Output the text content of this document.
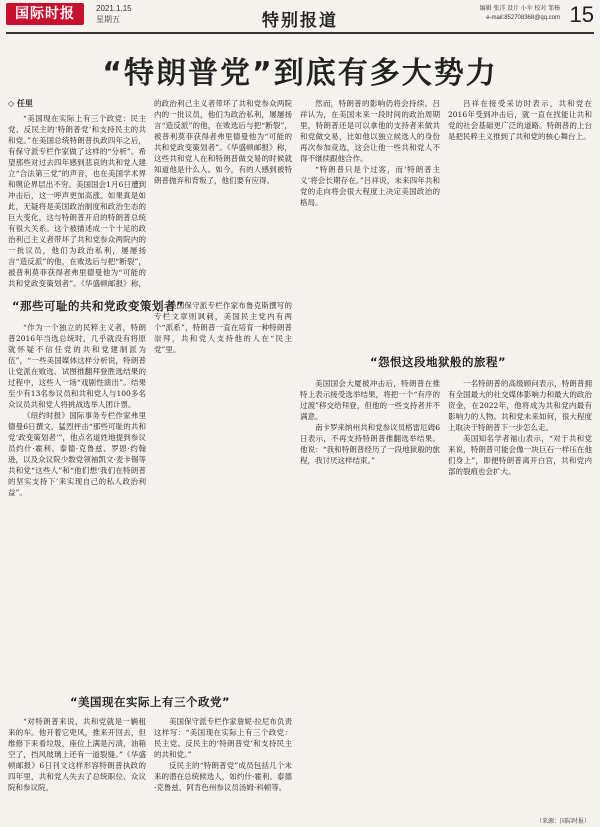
国际时报	2021.1.15
星期五	特别报道
编辑 张洋 设计 小伞 校对 邹杨
e-mail:852708368@qq.com 15
“特朗普党”到底有多大势力
◇ 任里

“美国现在实际上有三个政党：民主党、反民主的‘特朗普党’和支持民主的共和党。”在美国总统特朗普执政四年之后，有保守派专栏作家做了这样的“分析”。希望那些对过去四年感到悲哀的共和党人建立“合法第三党”的声音，也在美国学术界和舆论界层出不穷。美国国会1月6日遭到冲击后，这一呼声更加高涨。如果真是如此，无疑将是美国政治制度和政治生态的巨大变化，这与特朗普开启的特朗普总统有很大关系。这个被描述成一个十足的政治利己主义者带坏了共和党参众两院内的一批议员，他们为政治私利，屡屡扬言“造反派”的他，在败选后与把“断裂”，被普利莫菲获得者弗里德曼他为“可能的共和党政变策划者”。《华盛顿邮报》称，

的政治利己主义者带坏了共和党参众两院内的一批议员，他们为政治私利，屡屡扬言“造反派”的他，在败选后与把“断裂”，被普利莫菲获得者弗里德曼他为“可能的共和党政变策划者”。《华盛顿邮报》称，这些共和党人在和特朗普做交易的时候就知道他是什么人。如今，有的人感到被特朗普抛弃和背叛了，他们要有应得。

“那些可耻的共和党政变策划者”

“作为一个独立的民粹主义者，特朗普2016年当选总统时，几乎就没有将原就怀疑不信任党的共和党建制派为伍”，“一些美国媒体这样分析说，特朗普让党派在败选、试图推翻拜登胜选结果的过程中，这些人一场“戏剧性演出”。结果至少有13名参议员和共和党人与100多名众议员共和党人将挑战选举人团计票。

《纽约时报》国际事务专栏作家弗里德曼6日撰文，猛烈抨击“那些可耻的共和党‘政变策划者’”，他点名道姓地提到参议员约什·霍利、泰德·克鲁兹、罗恩·约翰逊，以及众议院少数党领袖凯文·麦卡锡等共和党“这些人”和“他们想‘我们在特朗普的坚实支持下’来实现自己的私人政治利益”。

美国保守派专栏作家布鲁克斯撰写的专栏文章则讽刺，美国民主党内有两个“派系”，特朗普一直在培育一种特朗普崇拜，共和党人支持他的人在“民主党”里。

“美国现在实际上有三个政党”

“对特朗普来说，共和党就是一辆租来的车。他开着它兜风，推来开回去，但维修下来看垃圾，座位上满是污渍，油箱空了，挡风玻璃上还有一道裂缝。”《华盛顿邮报》6日刊文这样形容特朗普执政的四年里，共和党人失去了总统职位、众议院和参议院。

美国保守派专栏作家詹妮·拉尼布负责这样写：“美国现在实际上有三个政党：民主党、反民主的‘特朗普党’和支持民主的共和党。”

反民主的“特朗普党”成员包括几个未来的潜在总统候选人，如约什·霍利、泰德·克鲁兹、阿肯色州参议员汤姆·科顿等。

然而，特朗普的影响仍将会持续。吕祥认为，在美国未来一段时间的政治周期里，特朗普还是可以拿他的支持者来做共和党做交易，比如他以独立候选人的身份再次参加竞选，这会让他一些共和党人不得不继续跟他合作。

“特朗普只是个过客，而‘特朗普主义’将会长期存在。”吕祥说，未来四年共和党的走向将会很大程度上决定美国政治的格局。

吕祥在接受采访时表示，共和党在2016年受到冲击后，就一直在找能让共和党的社会基础更广泛的道路。特朗普的上台是把民粹主义推到了共和党的核心舞台上。

“怨恨这段地狱般的旅程”

美国国会大厦被冲击后，特朗普在推特上表示接受选举结果，将把一个“有序的过渡”移交给拜登，但他的一些支持者并不满意。

南卡罗来纳州共和党参议员格雷厄姆6日表示，不再支持特朗普推翻选举结果。他说：“我和特朗普经历了一段地狱般的旅程，我讨厌这样结束。”

一名特朗普的高级顾问表示，特朗普拥有全国最大的社交媒体影响力和最大的政治资金，在2022年，他将成为共和党内最有影响力的人物。共和党未来如何，很大程度上取决于特朗普下一步怎么走。

美国知名学者福山表示，“对于共和党来说，特朗普可能会像一块巨石一样压在他们身上”，即便特朗普离开白宫，共和党内部的裂痕也会扩大。

（来源：国际时报）
